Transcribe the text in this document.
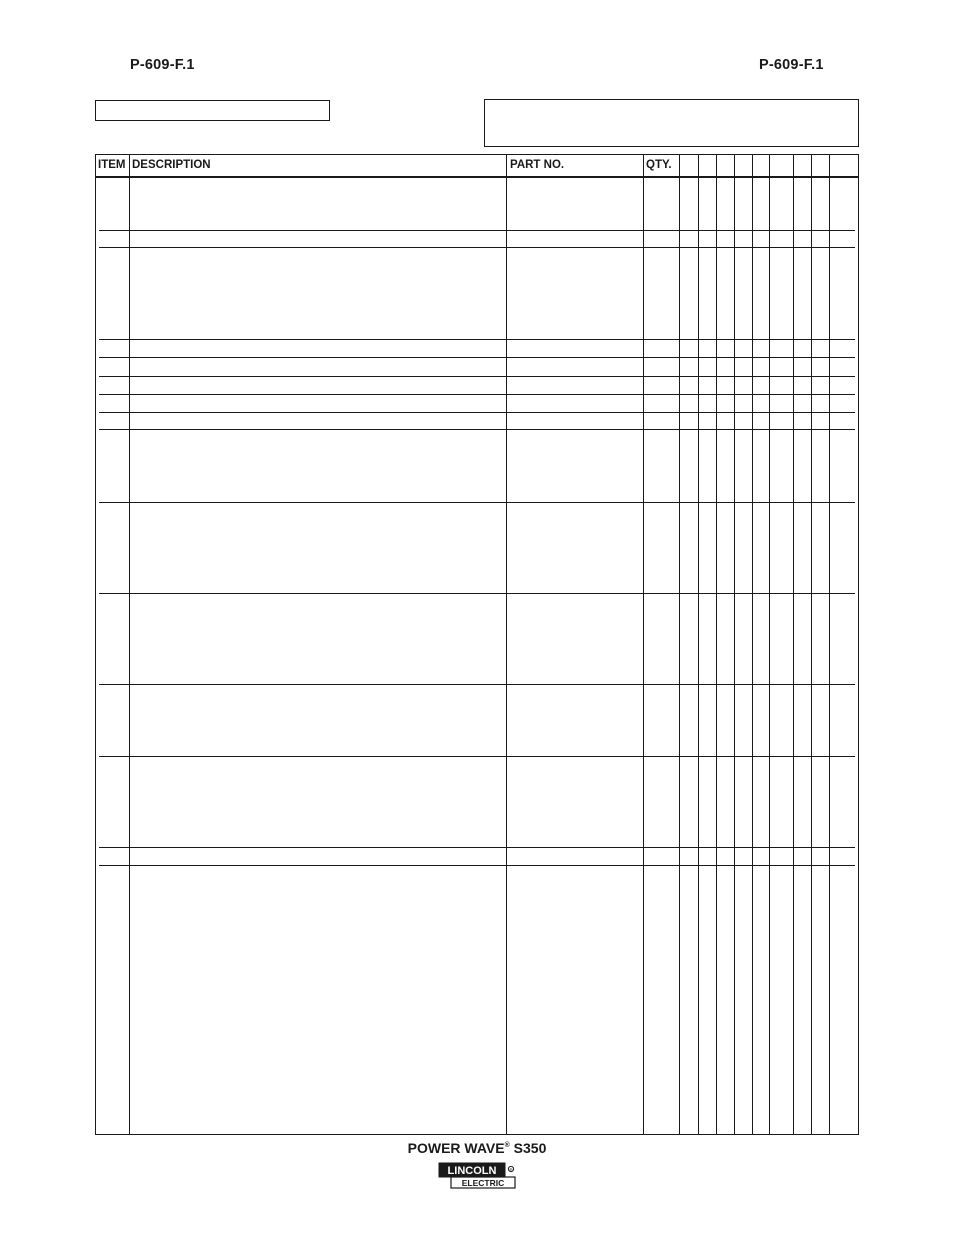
P-609-F.1	P-609-F.1
ITEM DESCRIPTION	PART NO.	QTY.
POWER WAVE® S350
LINCOLN
ELECTRIC
®
